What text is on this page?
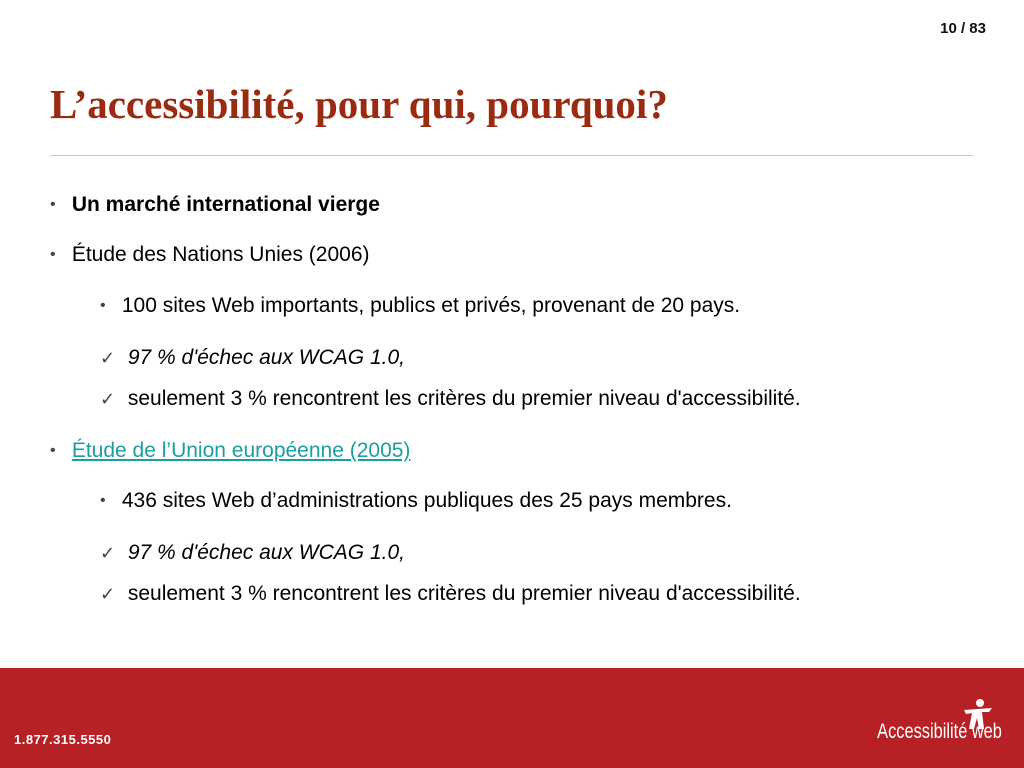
10 / 83
L’accessibilité, pour qui, pourquoi?
• Un marché international vierge
• Étude des Nations Unies (2006)
• 100 sites Web importants, publics et privés, provenant de 20 pays.
✓ 97 % d'échec aux WCAG 1.0,
✓ seulement 3 % rencontrent les critères du premier niveau d'accessibilité.
• Étude de l’Union européenne (2005)
• 436 sites Web d’administrations publiques des 25 pays membres.
✓ 97 % d'échec aux WCAG 1.0,
✓ seulement 3 % rencontrent les critères du premier niveau d'accessibilité.
1.877.315.5550	Accessibilité web
